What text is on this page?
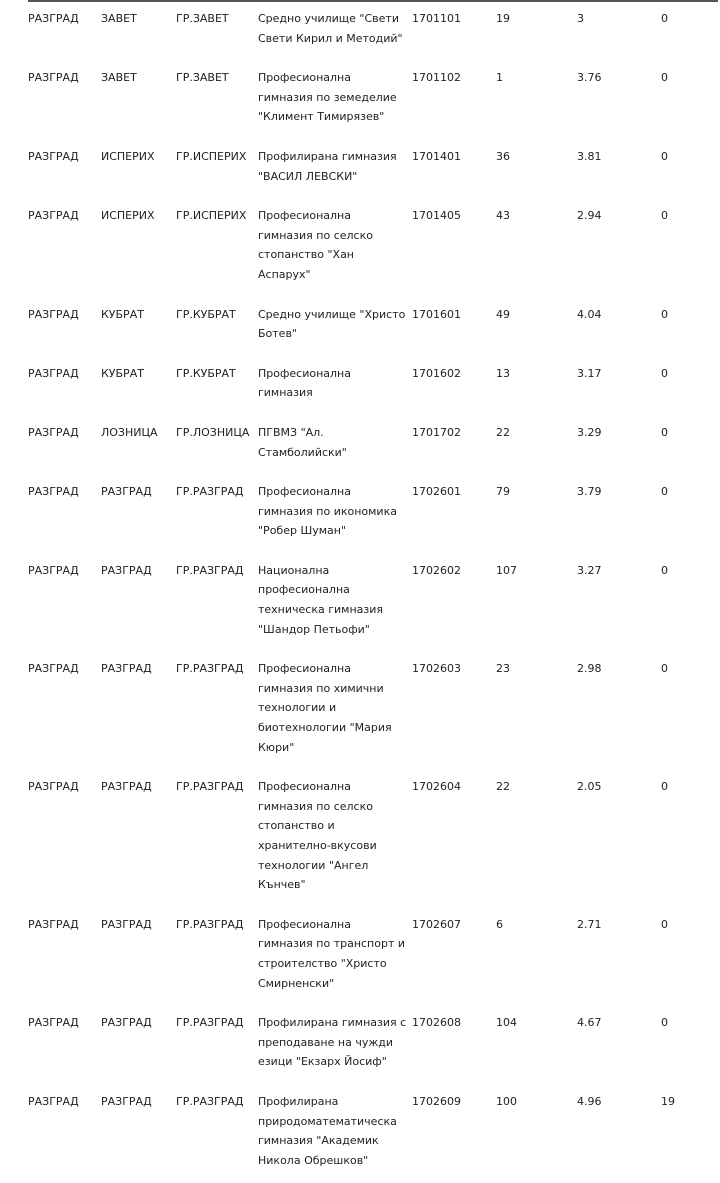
РАЗГРАД	ЗАВЕТ	ГР.ЗАВЕТ	Средно училище "Свети Свети Кирил и Методий"	1701101	19	3	0
РАЗГРАД	ЗАВЕТ	ГР.ЗАВЕТ	Професионална гимназия по земеделие "Климент Тимирязев"	1701102	1	3.76	0
РАЗГРАД	ИСПЕРИХ	ГР.ИСПЕРИХ	Профилирана гимназия "ВАСИЛ ЛЕВСКИ"	1701401	36	3.81	0
РАЗГРАД	ИСПЕРИХ	ГР.ИСПЕРИХ	Професионална гимназия по селско стопанство "Хан Аспарух"	1701405	43	2.94	0
РАЗГРАД	КУБРАТ	ГР.КУБРАТ	Средно училище "Христо Ботев"	1701601	49	4.04	0
РАЗГРАД	КУБРАТ	ГР.КУБРАТ	Професионална гимназия	1701602	13	3.17	0
РАЗГРАД	ЛОЗНИЦА	ГР.ЛОЗНИЦА	ПГВМЗ "Ал. Стамболийски"	1701702	22	3.29	0
РАЗГРАД	РАЗГРАД	ГР.РАЗГРАД	Професионална гимназия по икономика "Робер Шуман"	1702601	79	3.79	0
РАЗГРАД	РАЗГРАД	ГР.РАЗГРАД	Национална професионална техническа гимназия "Шандор Петьофи"	1702602	107	3.27	0
РАЗГРАД	РАЗГРАД	ГР.РАЗГРАД	Професионална гимназия по химични технологии и биотехнологии "Мария Кюри"	1702603	23	2.98	0
РАЗГРАД	РАЗГРАД	ГР.РАЗГРАД	Професионална гимназия по селско стопанство и хранително-вкусови технологии "Ангел Кънчев"	1702604	22	2.05	0
РАЗГРАД	РАЗГРАД	ГР.РАЗГРАД	Професионална гимназия по транспорт и строителство "Христо Смирненски"	1702607	6	2.71	0
РАЗГРАД	РАЗГРАД	ГР.РАЗГРАД	Профилирана гимназия с преподаване на чужди езици "Екзарх Йосиф"	1702608	104	4.67	0
РАЗГРАД	РАЗГРАД	ГР.РАЗГРАД	Профилирана природоматематическа гимназия "Академик Никола Обрешков"	1702609	100	4.96	19
